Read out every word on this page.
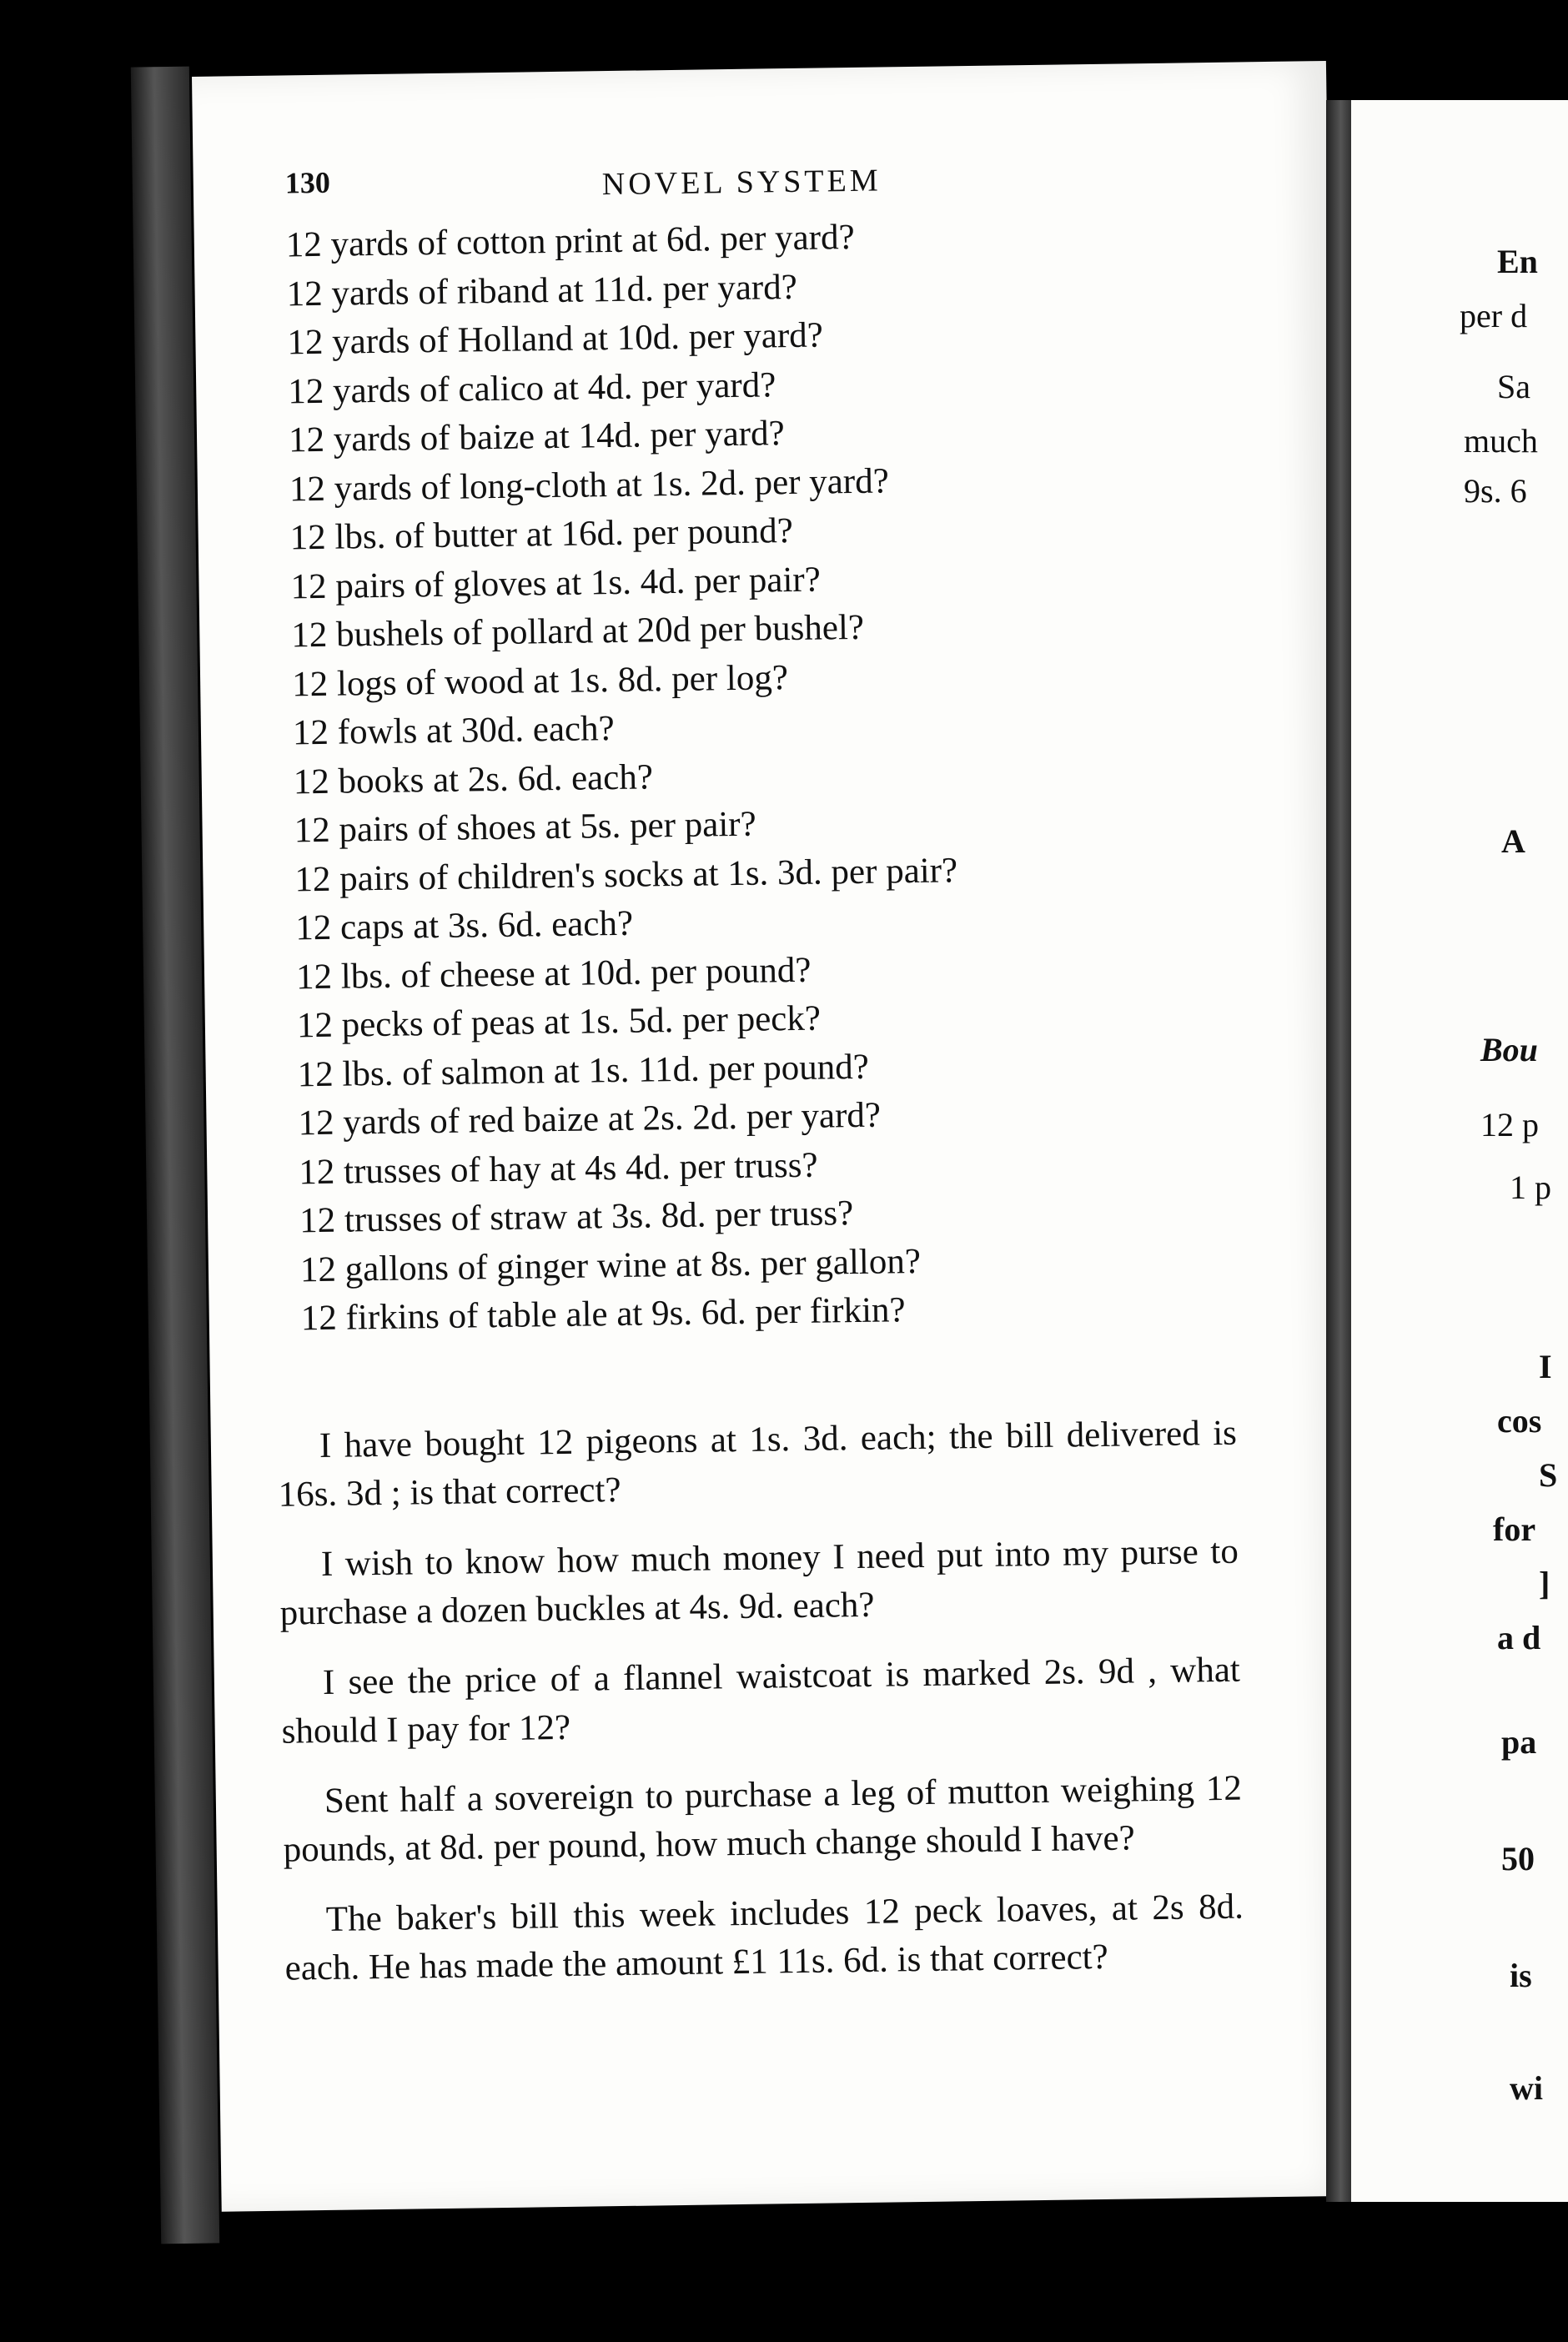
130	NOVEL SYSTEM
12 yards of cotton print at 6d. per yard?
12 yards of riband at 11d. per yard?
12 yards of Holland at 10d. per yard?
12 yards of calico at 4d. per yard?
12 yards of baize at 14d. per yard?
12 yards of long-cloth at 1s. 2d. per yard?
12 lbs. of butter at 16d. per pound?
12 pairs of gloves at 1s. 4d. per pair?
12 bushels of pollard at 20d per bushel?
12 logs of wood at 1s. 8d. per log?
12 fowls at 30d. each?
12 books at 2s. 6d. each?
12 pairs of shoes at 5s. per pair?
12 pairs of children's socks at 1s. 3d. per pair?
12 caps at 3s. 6d. each?
12 lbs. of cheese at 10d. per pound?
12 pecks of peas at 1s. 5d. per peck?
12 lbs. of salmon at 1s. 11d. per pound?
12 yards of red baize at 2s. 2d. per yard?
12 trusses of hay at 4s 4d. per truss?
12 trusses of straw at 3s. 8d. per truss?
12 gallons of ginger wine at 8s. per gallon?
12 firkins of table ale at 9s. 6d. per firkin?

I have bought 12 pigeons at 1s. 3d. each; the bill delivered is 16s. 3d ; is that correct?

I wish to know how much money I need put into my purse to purchase a dozen buckles at 4s. 9d. each?

I see the price of a flannel waistcoat is marked 2s. 9d , what should I pay for 12?

Sent half a sovereign to purchase a leg of mutton weighing 12 pounds, at 8d. per pound, how much change should I have?

The baker's bill this week includes 12 peck loaves, at 2s 8d. each. He has made the amount £1 11s. 6d. is that correct?

En
per d
Sa
much
9s. 6
A
Bou
12 p
1 p
I
cos
S
for
]
a d
pa
50
is
wi
